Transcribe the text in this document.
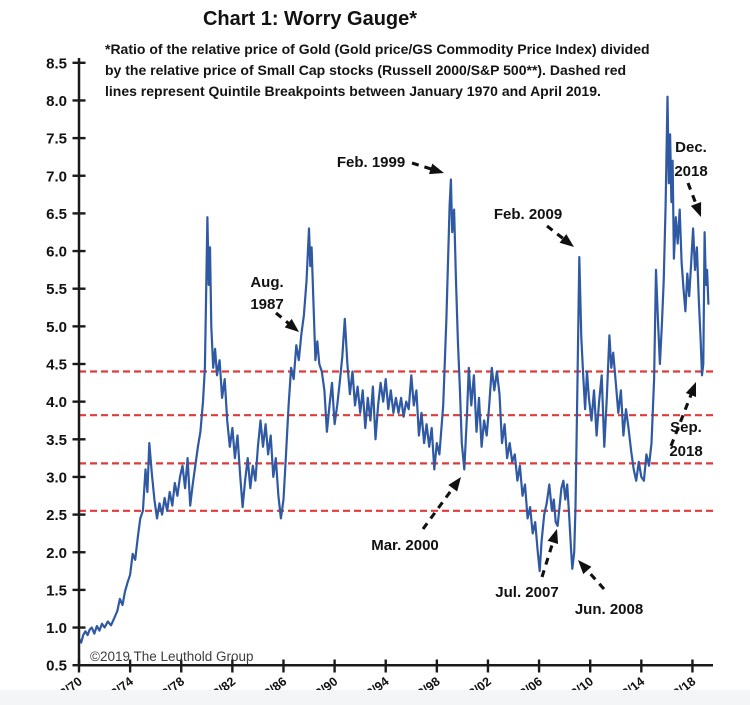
Chart 1: Worry Gauge*
*Ratio of the relative price of Gold (Gold price/GS Commodity Price Index) divided
by the relative price of Small Cap stocks (Russell 2000/S&P 500**). Dashed red
lines represent Quintile Breakpoints between January 1970 and April 2019.
8.5
8.0
7.5
7.0
6.5
6.0
5.5
5.0
4.5
4.0
3.5
3.0
2.5
2.0
1.5
1.0
0.5
Aug.
1987
Feb. 1999
Feb. 2009
Dec.
2018
Sep.
2018
Mar. 2000
Jul. 2007
Jun. 2008
©2019 The Leuthold Group
